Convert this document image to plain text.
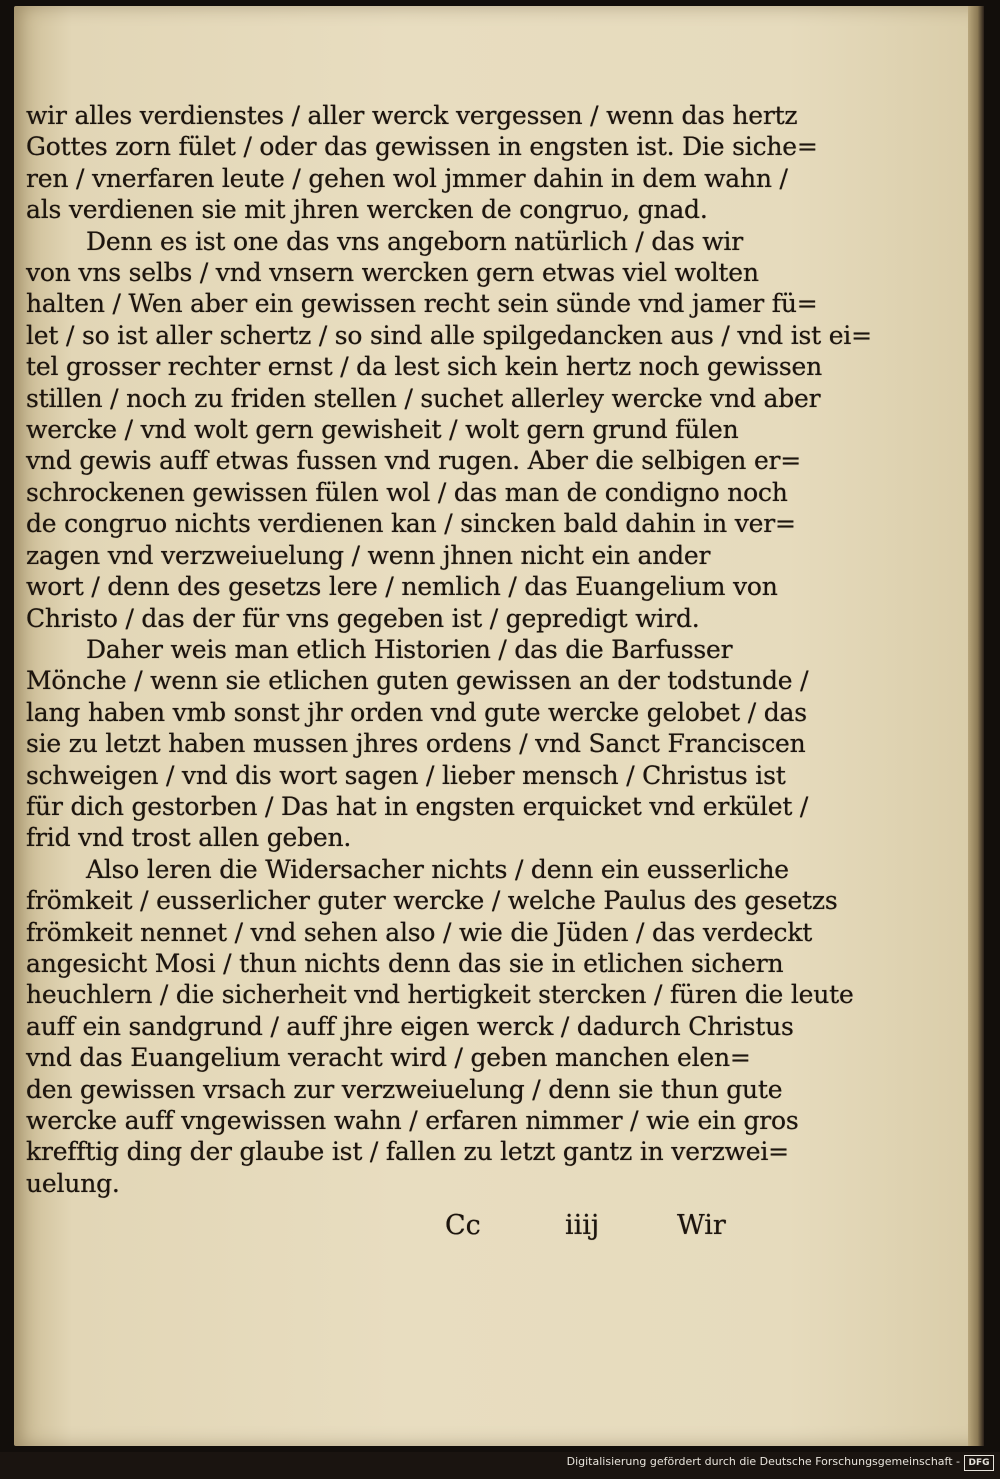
wir alles verdienstes / aller werck vergessen / wenn das hertz
Gottes zorn fület / oder das gewissen in engsten ist. Die siche=
ren / vnerfaren leute / gehen wol jmmer dahin in dem wahn /
als verdienen sie mit jhren wercken de congruo, gnad.
Denn es ist one das vns angeborn natürlich / das wir
von vns selbs / vnd vnsern wercken gern etwas viel wolten
halten / Wen aber ein gewissen recht sein sünde vnd jamer fü=
let / so ist aller schertz / so sind alle spilgedancken aus / vnd ist ei=
tel grosser rechter ernst / da lest sich kein hertz noch gewissen
stillen / noch zu friden stellen / suchet allerley wercke vnd aber
wercke / vnd wolt gern gewisheit / wolt gern grund fülen
vnd gewis auff etwas fussen vnd rugen. Aber die selbigen er=
schrockenen gewissen fülen wol / das man de condigno noch
de congruo nichts verdienen kan / sincken bald dahin in ver=
zagen vnd verzweiuelung / wenn jhnen nicht ein ander
wort / denn des gesetzs lere / nemlich / das Euangelium von
Christo / das der für vns gegeben ist / gepredigt wird.
Daher weis man etlich Historien / das die Barfusser
Mönche / wenn sie etlichen guten gewissen an der todstunde /
lang haben vmb sonst jhr orden vnd gute wercke gelobet / das
sie zu letzt haben mussen jhres ordens / vnd Sanct Franciscen
schweigen / vnd dis wort sagen / lieber mensch / Christus ist
für dich gestorben / Das hat in engsten erquicket vnd erkület /
frid vnd trost allen geben.
Also leren die Widersacher nichts / denn ein eusserliche
frömkeit / eusserlicher guter wercke / welche Paulus des gesetzs
frömkeit nennet / vnd sehen also / wie die Jüden / das verdeckt
angesicht Mosi / thun nichts denn das sie in etlichen sichern
heuchlern / die sicherheit vnd hertigkeit stercken / füren die leute
auff ein sandgrund / auff jhre eigen werck / dadurch Christus
vnd das Euangelium veracht wird / geben manchen elen=
den gewissen vrsach zur verzweiuelung / denn sie thun gute
wercke auff vngewissen wahn / erfaren nimmer / wie ein gros
krefftig ding der glaube ist / fallen zu letzt gantz in verzwei=
uelung.
Cc	iiij	Wir
Digitalisierung gefördert durch die Deutsche Forschungsgemeinschaft - DFG
